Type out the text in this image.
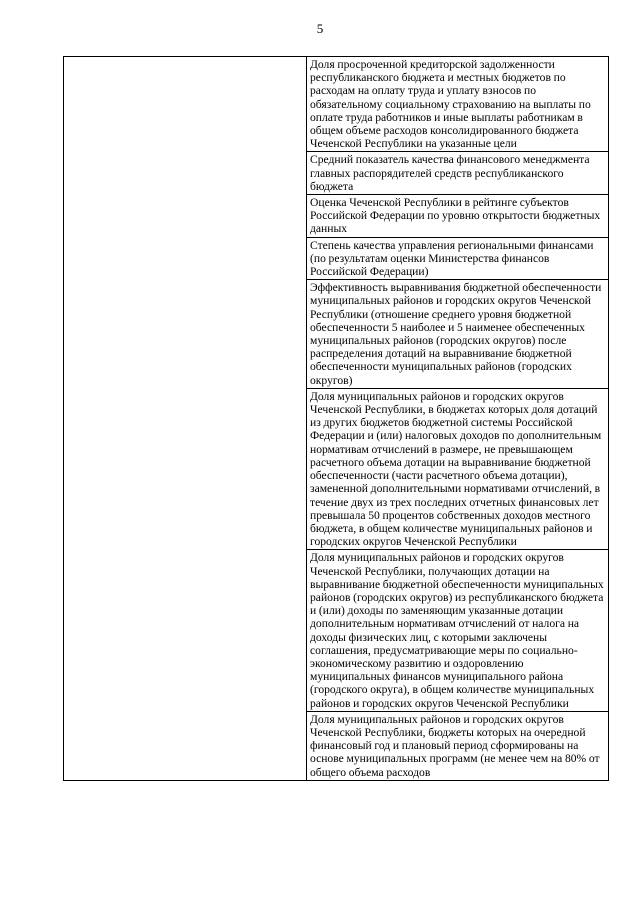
5
	Доля просроченной кредиторской задолженности республиканского бюджета и местных бюджетов по расходам на оплату труда и уплату взносов по обязательному социальному страхованию на выплаты по оплате труда работников и иные выплаты работникам в общем объеме расходов консолидированного бюджета Чеченской Республики на указанные цели
Средний показатель качества финансового менеджмента главных распорядителей средств республиканского бюджета
Оценка Чеченской Республики в рейтинге субъектов Российской Федерации по уровню открытости бюджетных данных
Степень качества управления региональными финансами (по результатам оценки Министерства финансов Российской Федерации)
Эффективность выравнивания бюджетной обеспеченности муниципальных районов и городских округов Чеченской Республики (отношение среднего уровня бюджетной обеспеченности 5 наиболее и 5 наименее обеспеченных муниципальных районов (городских округов) после распределения дотаций на выравнивание бюджетной обеспеченности муниципальных районов (городских округов)
Доля муниципальных районов и городских округов Чеченской Республики, в бюджетах которых доля дотаций из других бюджетов бюджетной системы Российской Федерации и (или) налоговых доходов по дополнительным нормативам отчислений в размере, не превышающем расчетного объема дотации на выравнивание бюджетной обеспеченности (части расчетного объема дотации), замененной дополнительными нормативами отчислений, в течение двух из трех последних отчетных финансовых лет превышала 50 процентов собственных доходов местного бюджета, в общем количестве муниципальных районов и городских округов Чеченской Республики
Доля муниципальных районов и городских округов Чеченской Республики, получающих дотации на выравнивание бюджетной обеспеченности муниципальных районов (городских округов) из республиканского бюджета и (или) доходы по заменяющим указанные дотации дополнительным нормативам отчислений от налога на доходы физических лиц, с которыми заключены соглашения, предусматривающие меры по социально-экономическому развитию и оздоровлению муниципальных финансов муниципального района (городского округа), в общем количестве муниципальных районов и городских округов Чеченской Республики
Доля муниципальных районов и городских округов Чеченской Республики, бюджеты которых на очередной финансовый год и плановый период сформированы на основе муниципальных программ (не менее чем на 80% от общего объема расходов
